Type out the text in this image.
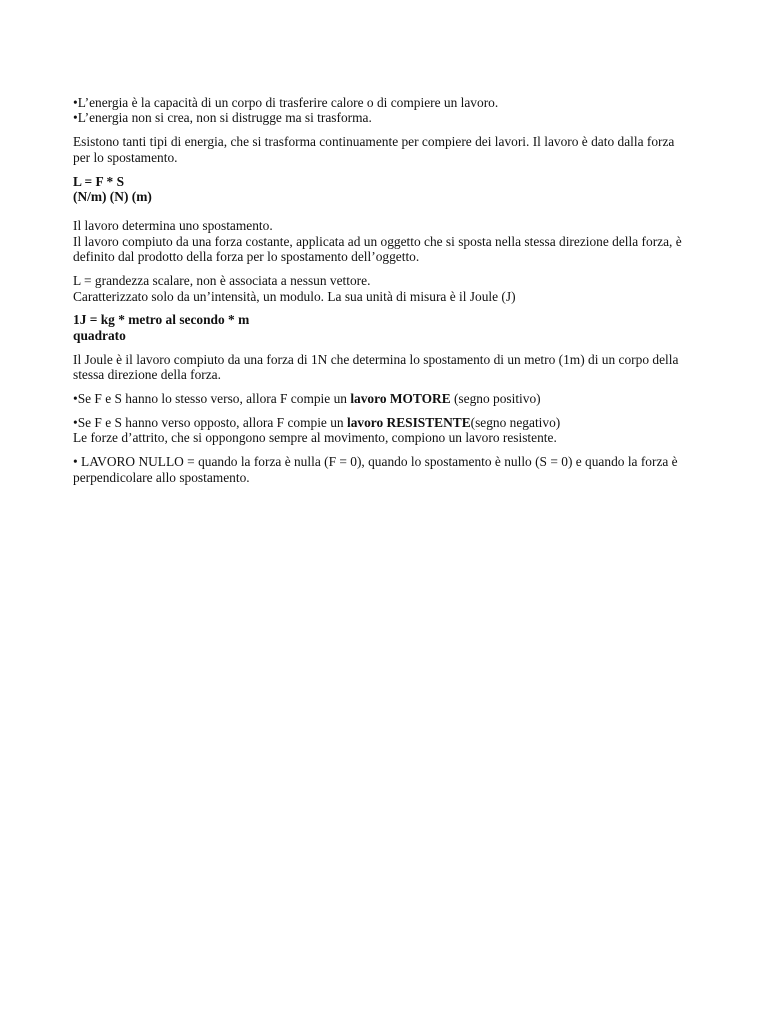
•L’energia è la capacità di un corpo di trasferire calore o di compiere un lavoro.
•L’energia non si crea, non si distrugge ma si trasforma.

Esistono tanti tipi di energia, che si trasforma continuamente per compiere dei lavori. Il lavoro è dato dalla forza per lo spostamento.

L = F * S
(N/m) (N) (m)

Il lavoro determina uno spostamento.
Il lavoro compiuto da una forza costante, applicata ad un oggetto che si sposta nella stessa direzione della forza, è definito dal prodotto della forza per lo spostamento dell’oggetto.

L = grandezza scalare, non è associata a nessun vettore.
Caratterizzato solo da un’intensità, un modulo. La sua unità di misura è il Joule (J)

1J = kg * metro al secondo * m
quadrato

Il Joule è il lavoro compiuto da una forza di 1N che determina lo spostamento di un metro (1m) di un corpo della stessa direzione della forza.

•Se F e S hanno lo stesso verso, allora F compie un lavoro MOTORE (segno positivo)

•Se F e S hanno verso opposto, allora F compie un lavoro RESISTENTE(segno negativo)
Le forze d’attrito, che si oppongono sempre al movimento, compiono un lavoro resistente.

• LAVORO NULLO = quando la forza è nulla (F = 0), quando lo spostamento è nullo (S = 0) e quando la forza è perpendicolare allo spostamento.
